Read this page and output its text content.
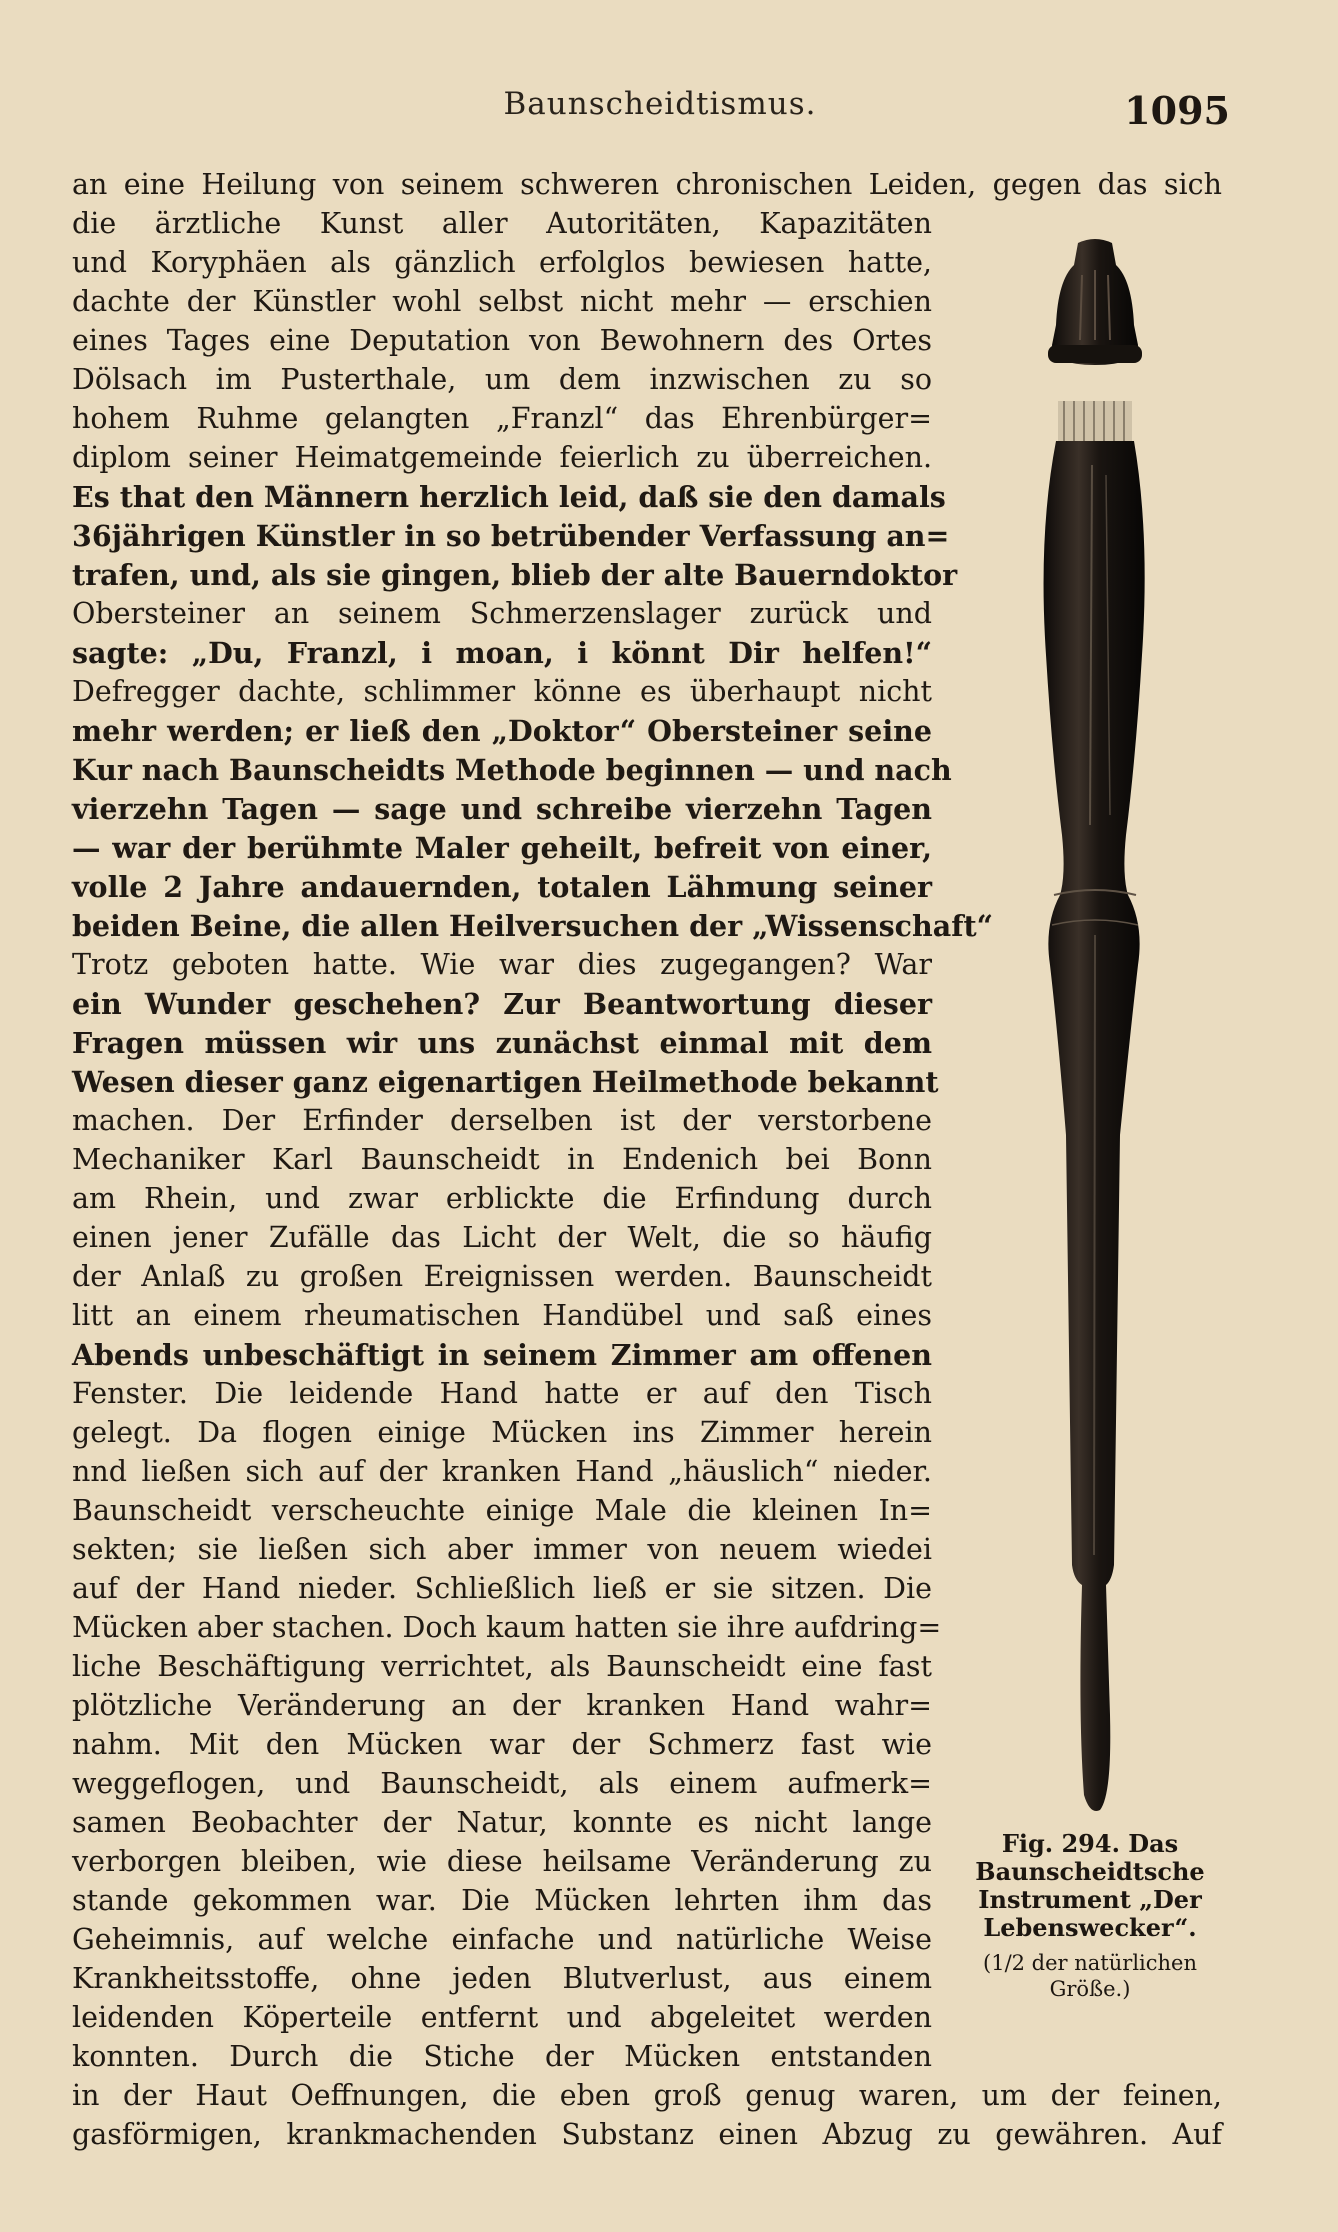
Baunscheidtismus.	1095
an eine Heilung von seinem schweren chronischen Leiden, gegen das sich
die ärztliche Kunst aller Autoritäten, Kapazitäten
und Koryphäen als gänzlich erfolglos bewiesen hatte,
dachte der Künstler wohl selbst nicht mehr — erschien
eines Tages eine Deputation von Bewohnern des Ortes
Dölsach im Pusterthale, um dem inzwischen zu so
hohem Ruhme gelangten „Franzl“ das Ehrenbürger=
diplom seiner Heimatgemeinde feierlich zu überreichen.
Es that den Männern herzlich leid, daß sie den damals
36jährigen Künstler in so betrübender Verfassung an=
trafen, und, als sie gingen, blieb der alte Bauerndoktor
Obersteiner an seinem Schmerzenslager zurück und
sagte: „Du, Franzl, i moan, i könnt Dir helfen!“
Defregger dachte, schlimmer könne es überhaupt nicht
mehr werden; er ließ den „Doktor“ Obersteiner seine
Kur nach Baunscheidts Methode beginnen — und nach
vierzehn Tagen — sage und schreibe vierzehn Tagen
— war der berühmte Maler geheilt, befreit von einer,
volle 2 Jahre andauernden, totalen Lähmung seiner
beiden Beine, die allen Heilversuchen der „Wissenschaft“
Trotz geboten hatte. Wie war dies zugegangen? War
ein Wunder geschehen? Zur Beantwortung dieser
Fragen müssen wir uns zunächst einmal mit dem
Wesen dieser ganz eigenartigen Heilmethode bekannt
machen. Der Erfinder derselben ist der verstorbene
Mechaniker Karl Baunscheidt in Endenich bei Bonn
am Rhein, und zwar erblickte die Erfindung durch
einen jener Zufälle das Licht der Welt, die so häufig
der Anlaß zu großen Ereignissen werden. Baunscheidt
litt an einem rheumatischen Handübel und saß eines
Abends unbeschäftigt in seinem Zimmer am offenen
Fenster. Die leidende Hand hatte er auf den Tisch
gelegt. Da flogen einige Mücken ins Zimmer herein
nnd ließen sich auf der kranken Hand „häuslich“ nieder.
Baunscheidt verscheuchte einige Male die kleinen In=
sekten; sie ließen sich aber immer von neuem wiedei
auf der Hand nieder. Schließlich ließ er sie sitzen. Die
Mücken aber stachen. Doch kaum hatten sie ihre aufdring=
liche Beschäftigung verrichtet, als Baunscheidt eine fast
plötzliche Veränderung an der kranken Hand wahr=
nahm. Mit den Mücken war der Schmerz fast wie
weggeflogen, und Baunscheidt, als einem aufmerk=
samen Beobachter der Natur, konnte es nicht lange
verborgen bleiben, wie diese heilsame Veränderung zu
stande gekommen war. Die Mücken lehrten ihm das
Geheimnis, auf welche einfache und natürliche Weise
Krankheitsstoffe, ohne jeden Blutverlust, aus einem
leidenden Köperteile entfernt und abgeleitet werden
konnten. Durch die Stiche der Mücken entstanden
in der Haut Oeffnungen, die eben groß genug waren, um der feinen,
gasförmigen, krankmachenden Substanz einen Abzug zu gewähren. Auf
Fig. 294. Das
Baunscheidtsche
Instrument „Der
Lebenswecker“.
(1/2 der natürlichen
Größe.)
